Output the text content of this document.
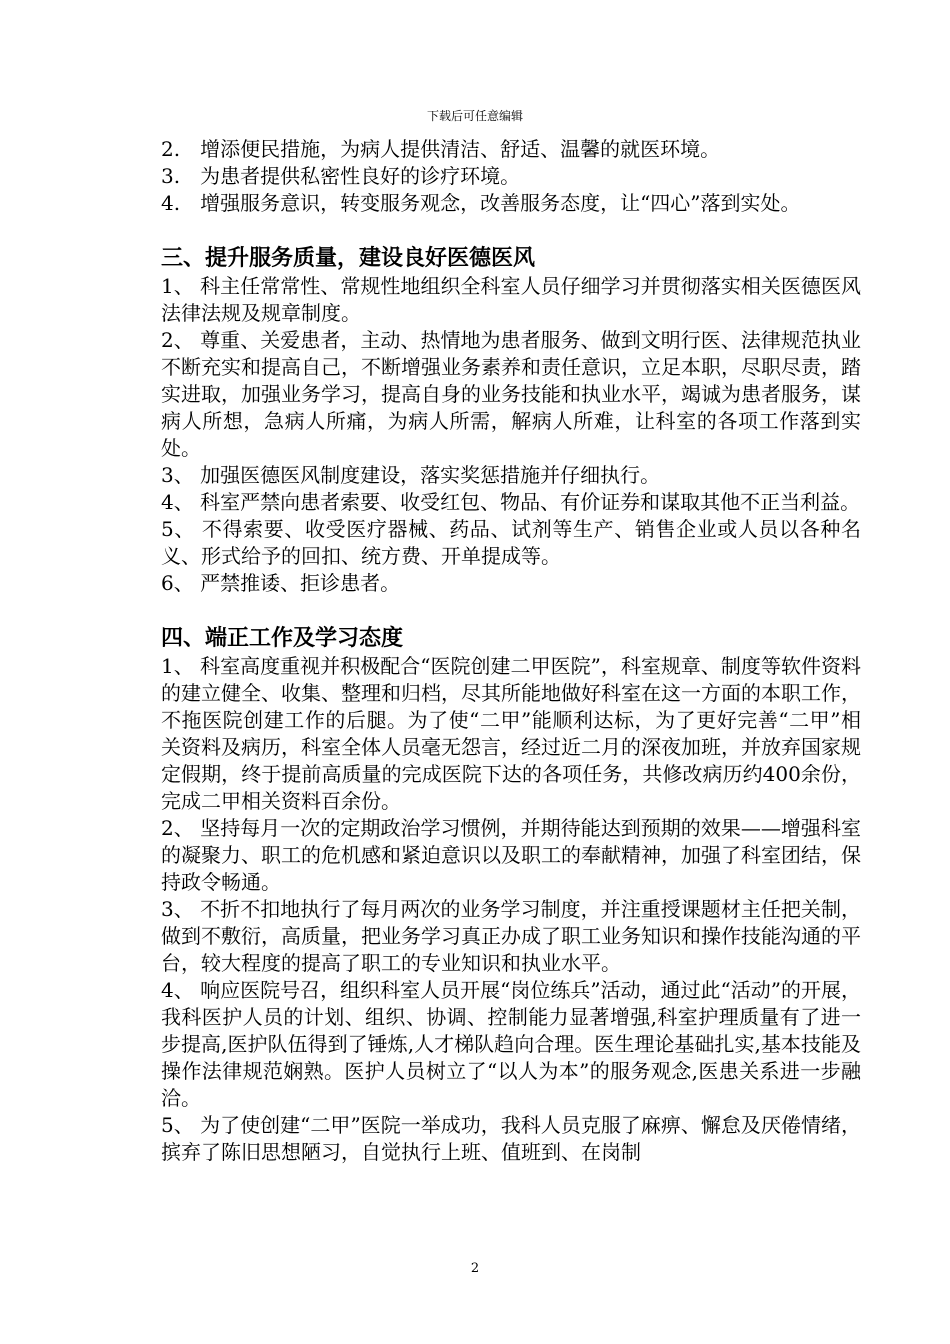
下载后可任意编辑

2.　增添便民措施，为病人提供清洁、舒适、温馨的就医环境。

3.　为患者提供私密性良好的诊疗环境。

4.　增强服务意识，转变服务观念，改善服务态度，让“四心”落到实处。

三、提升服务质量，建设良好医德医风

1、 科主任常常性、常规性地组织全科室人员仔细学习并贯彻落实相关医德医风法律法规及规章制度。

2、 尊重、关爱患者，主动、热情地为患者服务、做到文明行医、法律规范执业不断充实和提高自己，不断增强业务素养和责任意识，立足本职，尽职尽责，踏实进取，加强业务学习，提高自身的业务技能和执业水平，竭诚为患者服务，谋病人所想，急病人所痛，为病人所需，解病人所难，让科室的各项工作落到实处。

3、 加强医德医风制度建设，落实奖惩措施并仔细执行。

4、 科室严禁向患者索要、收受红包、物品、有价证券和谋取其他不正当利益。

5、 不得索要、收受医疗器械、药品、试剂等生产、销售企业或人员以各种名义、形式给予的回扣、统方费、开单提成等。

6、 严禁推诿、拒诊患者。

四、端正工作及学习态度

1、 科室高度重视并积极配合“医院创建二甲医院”，科室规章、制度等软件资料的建立健全、收集、整理和归档，尽其所能地做好科室在这一方面的本职工作，不拖医院创建工作的后腿。为了使“二甲”能顺利达标，为了更好完善“二甲”相关资料及病历，科室全体人员毫无怨言，经过近二月的深夜加班，并放弃国家规定假期，终于提前高质量的完成医院下达的各项任务，共修改病历约400余份，完成二甲相关资料百余份。

2、 坚持每月一次的定期政治学习惯例，并期待能达到预期的效果——增强科室的凝聚力、职工的危机感和紧迫意识以及职工的奉献精神，加强了科室团结，保持政令畅通。

3、 不折不扣地执行了每月两次的业务学习制度，并注重授课题材主任把关制，做到不敷衍，高质量，把业务学习真正办成了职工业务知识和操作技能沟通的平台，较大程度的提高了职工的专业知识和执业水平。

4、 响应医院号召，组织科室人员开展“岗位练兵”活动，通过此“活动”的开展，我科医护人员的计划、组织、协调、控制能力显著增强,科室护理质量有了进一步提高,医护队伍得到了锤炼,人才梯队趋向合理。医生理论基础扎实,基本技能及操作法律规范娴熟。医护人员树立了“以人为本”的服务观念,医患关系进一步融洽。

5、 为了使创建“二甲”医院一举成功，我科人员克服了麻痹、懈怠及厌倦情绪，摈弃了陈旧思想陋习，自觉执行上班、值班到、在岗制

2
